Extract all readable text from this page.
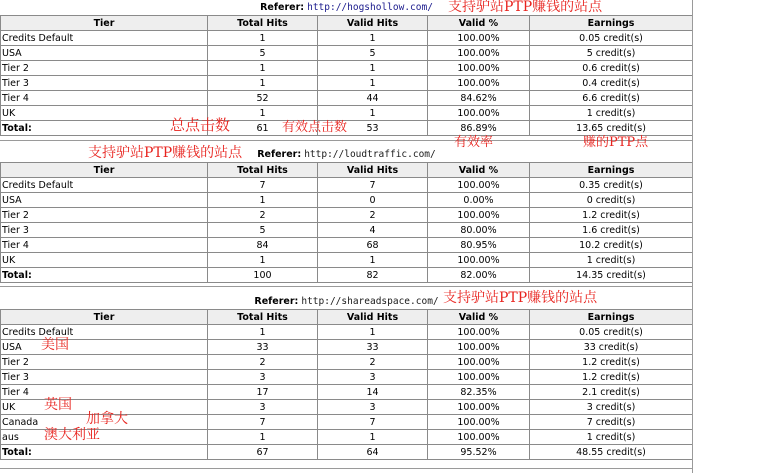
Referer: http://hogshollow.com/				
Tier	Total Hits	Valid Hits	Valid %	Earnings
Credits Default	1	1	100.00%	0.05 credit(s)
USA	5	5	100.00%	5 credit(s)
Tier 2	1	1	100.00%	0.6 credit(s)
Tier 3	1	1	100.00%	0.4 credit(s)
Tier 4	52	44	84.62%	6.6 credit(s)
UK	1	1	100.00%	1 credit(s)
Total:	61	53	86.89%	13.65 credit(s)
Referer: http://loudtraffic.com/				
Tier	Total Hits	Valid Hits	Valid %	Earnings
Credits Default	7	7	100.00%	0.35 credit(s)
USA	1	0	0.00%	0 credit(s)
Tier 2	2	2	100.00%	1.2 credit(s)
Tier 3	5	4	80.00%	1.6 credit(s)
Tier 4	84	68	80.95%	10.2 credit(s)
UK	1	1	100.00%	1 credit(s)
Total:	100	82	82.00%	14.35 credit(s)
Referer: http://shareadspace.com/				
Tier	Total Hits	Valid Hits	Valid %	Earnings
Credits Default	1	1	100.00%	0.05 credit(s)
USA	33	33	100.00%	33 credit(s)
Tier 2	2	2	100.00%	1.2 credit(s)
Tier 3	3	3	100.00%	1.2 credit(s)
Tier 4	17	14	82.35%	2.1 credit(s)
UK	3	3	100.00%	3 credit(s)
Canada	7	7	100.00%	7 credit(s)
aus	1	1	100.00%	1 credit(s)
Total:	67	64	95.52%	48.55 credit(s)
支持驴站PTP赚钱的站点
总点击数	有效点击数
支持驴站PTP赚钱的站点
有效率	赚的PTP点
支持驴站PTP赚钱的站点
美国
英国
加拿大
澳大利亚
